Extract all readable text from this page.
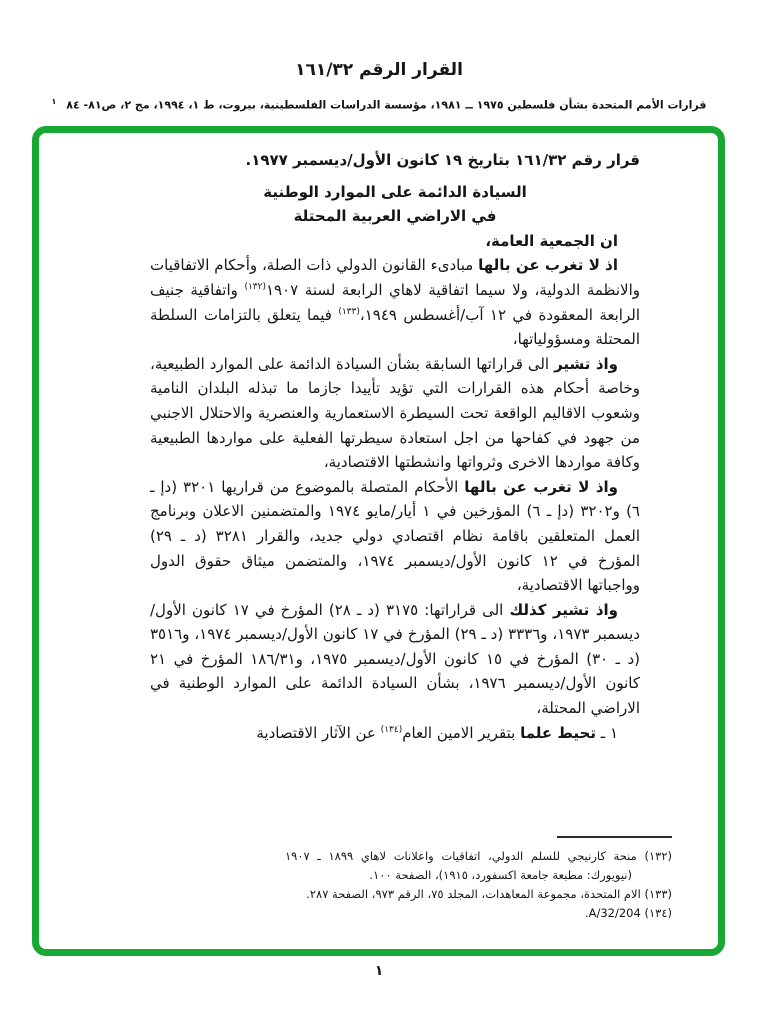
القرار الرقم ١٦١/٣٢
قرارات الأمم المتحدة بشأن فلسطين ١٩٧٥ ــ ١٩٨١، مؤسسة الدراسات الفلسطينية، بيروت، ط ١، ١٩٩٤، مج ٢، ص٨١- ٨٤ $^١$

قرار رقم ١٦١/٣٢ بتاريخ ١٩ كانون الأول/ديسمبر ١٩٧٧.

السيادة الدائمة على الموارد الوطنية

في الاراضي العربية المحتلة

ان الجمعية العامة،

اذ لا تغرب عن بالها مبادىء القانون الدولي ذات الصلة، وأحكام الاتفاقيات والانظمة الدولية، ولا سيما اتفاقية لاهاي الرابعة لسنة ١٩٠٧$^{(١٣٢)}$ واتفاقية جنيف الرابعة المعقودة في ١٢ آب/أغسطس ١٩٤٩،$^{(١٣٣)}$ فيما يتعلق بالتزامات السلطة المحتلة ومسؤولياتها،

واذ تشير الى قراراتها السابقة بشأن السيادة الدائمة على الموارد الطبيعية، وخاصة أحكام هذه القرارات التي تؤيد تأييدا جازما ما تبذله البلدان النامية وشعوب الاقاليم الواقعة تحت السيطرة الاستعمارية والعنصرية والاحتلال الاجنبي من جهود في كفاحها من اجل استعادة سيطرتها الفعلية على مواردها الطبيعية وكافة مواردها الاخرى وثرواتها وانشطتها الاقتصادية،

واذ لا تغرب عن بالها الأحكام المتصلة بالموضوع من قراريها ٣٢٠١ (دإ ـ ٦) و٣٢٠٢ (دإ ـ ٦) المؤرخين في ١ أيار/مايو ١٩٧٤ والمتضمنين الاعلان وبرنامج العمل المتعلقين باقامة نظام اقتصادي دولي جديد، والقرار ٣٢٨١ (د ـ ٢٩) المؤرخ في ١٢ كانون الأول/ديسمبر ١٩٧٤، والمتضمن ميثاق حقوق الدول وواجباتها الاقتصادية،

واذ تشير كذلك الى قراراتها: ٣١٧٥ (د ـ ٢٨) المؤرخ في ١٧ كانون الأول/ديسمبر ١٩٧٣، و٣٣٣٦ (د ـ ٢٩) المؤرخ في ١٧ كانون الأول/ديسمبر ١٩٧٤، و٣٥١٦ (د ـ ٣٠) المؤرخ في ١٥ كانون الأول/ديسمبر ١٩٧٥، و١٨٦/٣١ المؤرخ في ٢١ كانون الأول/ديسمبر ١٩٧٦، بشأن السيادة الدائمة على الموارد الوطنية في الاراضي المحتلة،

١ ـ تحيط علما بتقرير الامين العام$^{(١٣٤)}$ عن الآثار الاقتصادية

(١٣٢) منحة كارنيجي للسلم الدولي، اتفاقيات واعلانات لاهاي ١٨٩٩ ـ ١٩٠٧ (نيويورك: مطبعة جامعة اكسفورد، ١٩١٥)، الصفحة ١٠٠.

(١٣٣) الام المتحدة، مجموعة المعاهدات، المجلد ٧٥، الرقم ٩٧٣، الصفحة ٢٨٧.

(١٣٤) A/32/204.

١
